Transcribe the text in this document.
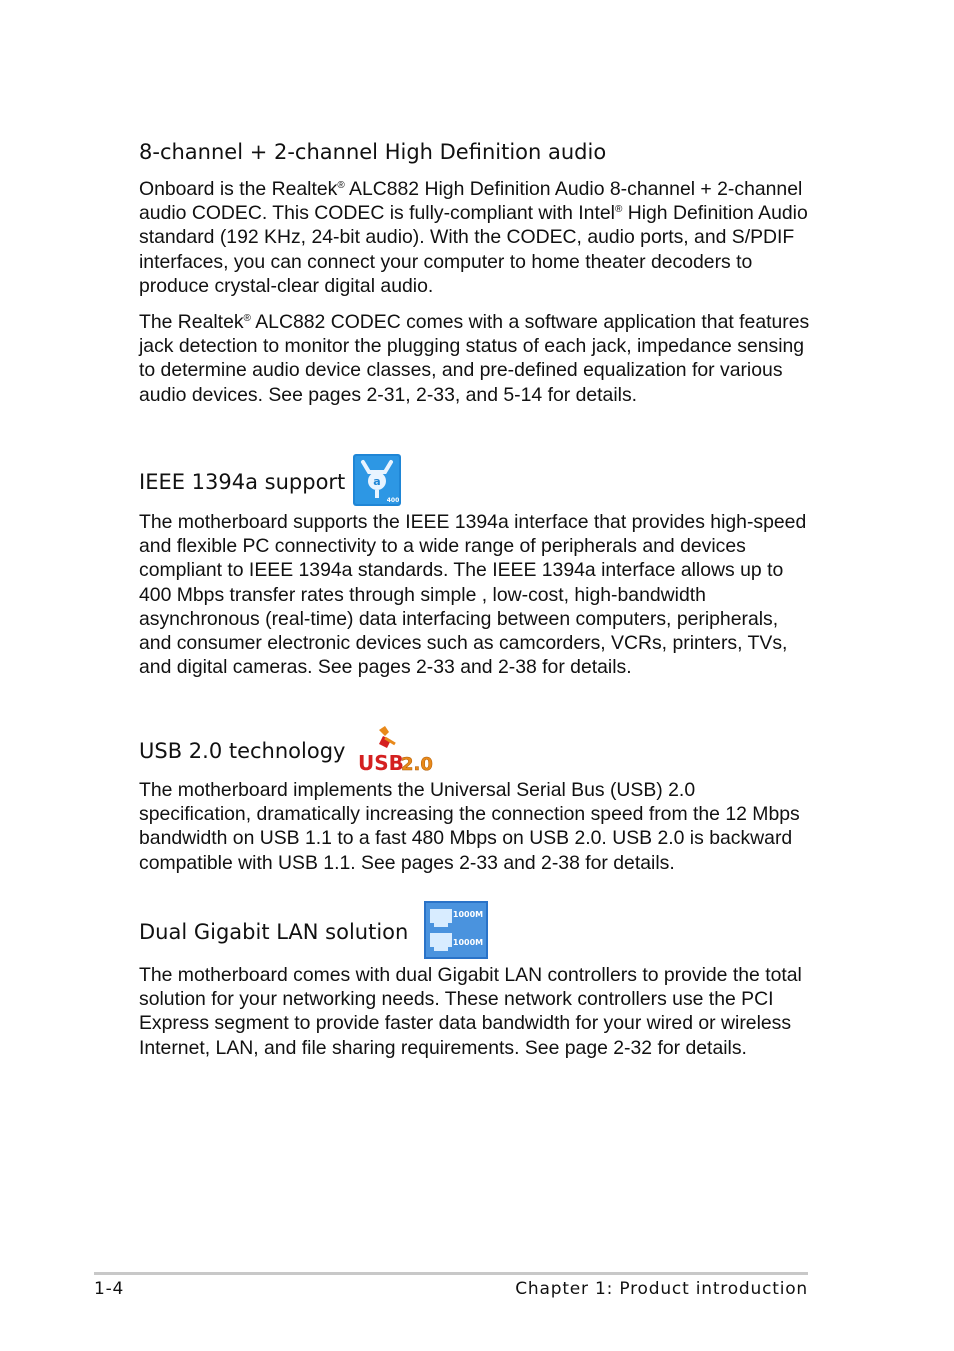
8-channel + 2-channel High Definition audio

Onboard is the Realtek® ALC882 High Definition Audio 8-channel + 2-channel audio CODEC. This CODEC is fully-compliant with Intel® High Definition Audio standard (192 KHz, 24-bit audio). With the CODEC, audio ports, and S/PDIF interfaces, you can connect your computer to home theater decoders to produce crystal-clear digital audio.

The Realtek® ALC882 CODEC comes with a software application that features jack detection to monitor the plugging status of each jack, impedance sensing to determine audio device classes, and pre-defined equalization for various audio devices. See pages 2-31, 2-33, and 5-14 for details.

IEEE 1394a support	a
400
The motherboard supports the IEEE 1394a interface that provides high-speed and flexible PC connectivity to a wide range of peripherals and devices compliant to IEEE 1394a standards. The IEEE 1394a interface allows up to 400 Mbps transfer rates through simple , low-cost, high-bandwidth asynchronous (real-time) data interfacing between computers, peripherals, and consumer electronic devices such as camcorders, VCRs, printers, TVs, and digital cameras. See pages 2-33 and 2-38 for details.
USB 2.0 technology USB
2.0
The motherboard implements the Universal Serial Bus (USB) 2.0 specification, dramatically increasing the connection speed from the 12 Mbps bandwidth on USB 1.1 to a fast 480 Mbps on USB 2.0. USB 2.0 is backward compatible with USB 1.1. See pages 2-33 and 2-38 for details.
Dual Gigabit LAN solution
1000M
1000M
The motherboard comes with dual Gigabit LAN controllers to provide the total solution for your networking needs. These network controllers use the PCI Express segment to provide faster data bandwidth for your wired or wireless Internet, LAN, and file sharing requirements. See page 2-32 for details.
1-4	Chapter 1: Product introduction
